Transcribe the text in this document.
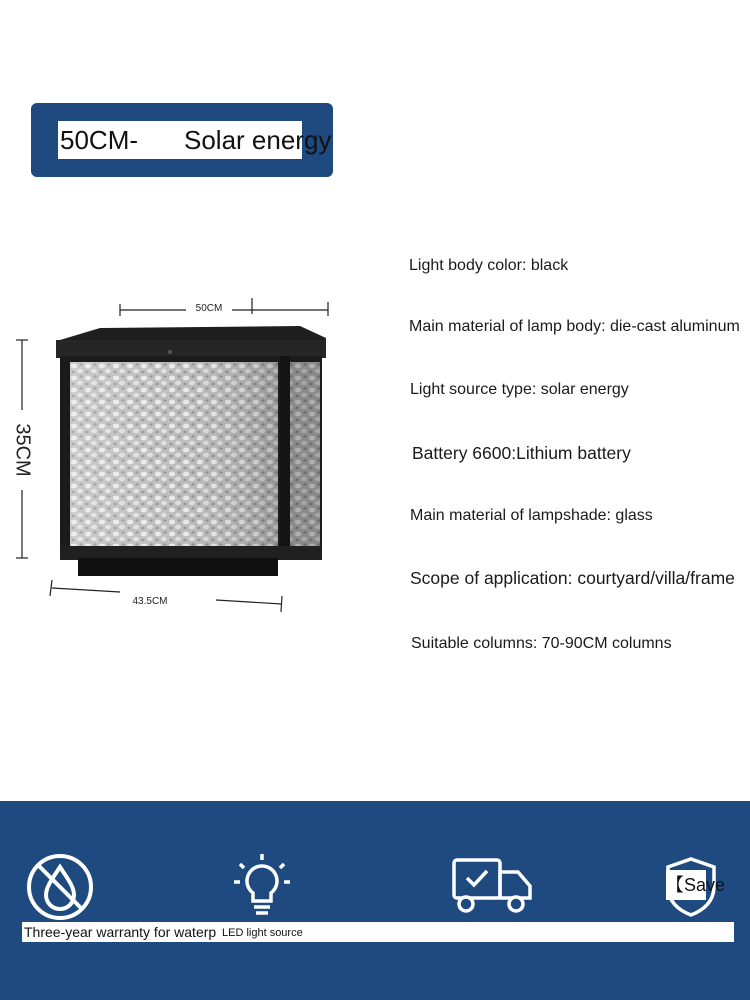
50CM-	Solar energy
50CM
35CM
43.5CM
Light body color: black
Main material of lamp body: die-cast aluminum
Light source type: solar energy
Battery 6600:Lithium battery
Main material of lampshade: glass
Scope of application: courtyard/villa/frame
Suitable columns: 70-90CM columns
【Save
Three-year warranty for waterp LED light source
